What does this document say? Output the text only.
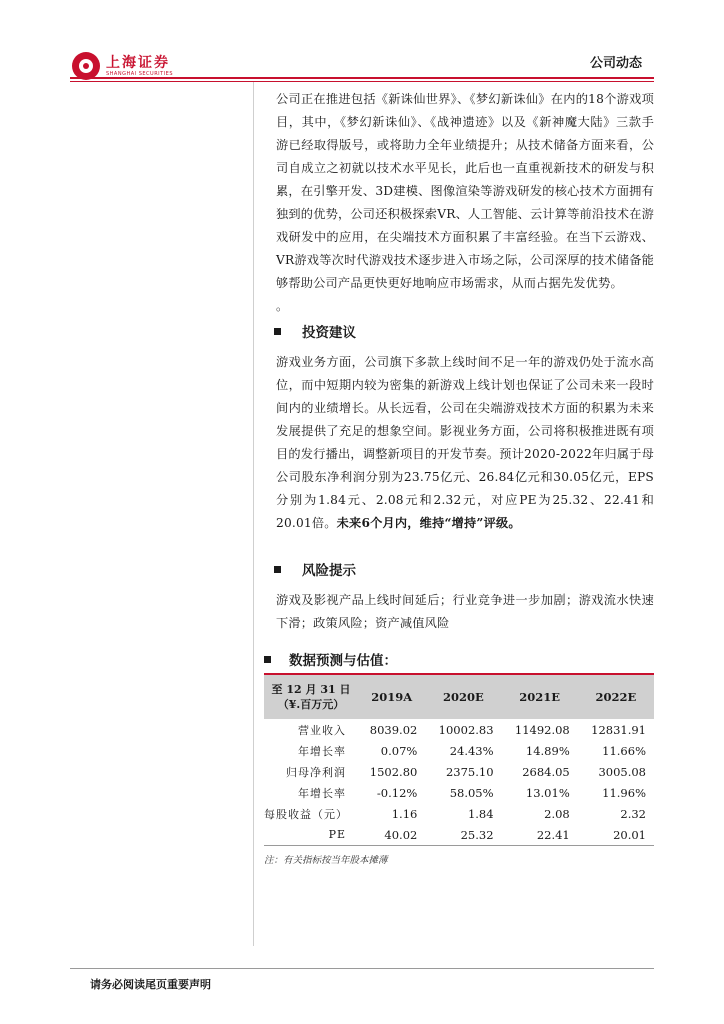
上海证券
SHANGHAI SECURITIES
公司动态

公司正在推进包括《新诛仙世界》、《梦幻新诛仙》在内的18个游戏项目，其中，《梦幻新诛仙》、《战神遗迹》以及《新神魔大陆》三款手游已经取得版号，或将助力全年业绩提升；从技术储备方面来看，公司自成立之初就以技术水平见长，此后也一直重视新技术的研发与积累，在引擎开发、3D建模、图像渲染等游戏研发的核心技术方面拥有独到的优势，公司还积极探索VR、人工智能、云计算等前沿技术在游戏研发中的应用，在尖端技术方面积累了丰富经验。在当下云游戏、VR游戏等次时代游戏技术逐步进入市场之际，公司深厚的技术储备能够帮助公司产品更快更好地响应市场需求，从而占据先发优势。

。

投资建议

游戏业务方面，公司旗下多款上线时间不足一年的游戏仍处于流水高位，而中短期内较为密集的新游戏上线计划也保证了公司未来一段时间内的业绩增长。从长远看，公司在尖端游戏技术方面的积累为未来发展提供了充足的想象空间。影视业务方面，公司将积极推进既有项目的发行播出，调整新项目的开发节奏。预计2020-2022年归属于母公司股东净利润分别为23.75亿元、26.84亿元和30.05亿元，EPS分别为1.84元、2.08元和2.32元，对应PE为25.32、22.41和20.01倍。未来6个月内，维持“增持”评级。

风险提示

游戏及影视产品上线时间延后；行业竞争进一步加剧；游戏流水快速下滑；政策风险；资产减值风险

数据预测与估值：
至 12 月 31 日
（¥.百万元）	2019A	2020E	2021E	2022E
营业收入	8039.02	10002.83	11492.08	12831.91
年增长率	0.07%	24.43%	14.89%	11.66%
归母净利润	1502.80	2375.10	2684.05	3005.08
年增长率	-0.12%	58.05%	13.01%	11.96%
每股收益（元）	1.16	1.84	2.08	2.32
PE	40.02	25.32	22.41	20.01
注：有关指标按当年股本摊薄
请务必阅读尾页重要声明
